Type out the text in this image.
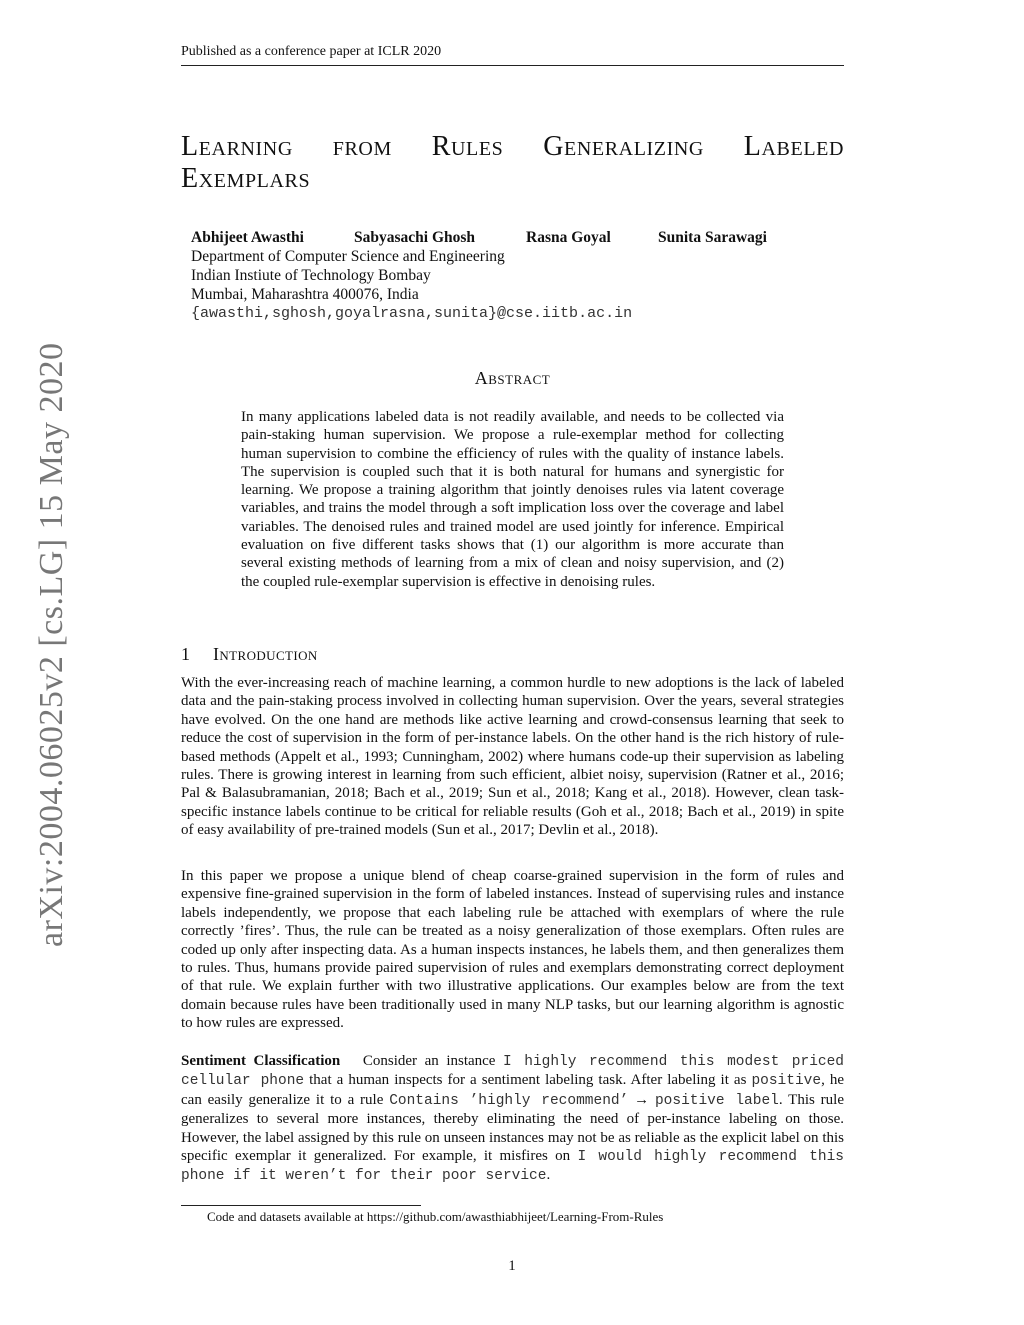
Published as a conference paper at ICLR 2020
arXiv:2004.06025v2 [cs.LG] 15 May 2020
Learning from Rules Generalizing Labeled Exemplars
Abhijeet Awasthi	Sabyasachi Ghosh	Rasna Goyal	Sunita Sarawagi
Department of Computer Science and Engineering
Indian Instiute of Technology Bombay
Mumbai, Maharashtra 400076, India
{awasthi,sghosh,goyalrasna,sunita}@cse.iitb.ac.in
Abstract

In many applications labeled data is not readily available, and needs to be collected via pain-staking human supervision. We propose a rule-exemplar method for collecting human supervision to combine the efficiency of rules with the quality of instance labels. The supervision is coupled such that it is both natural for humans and synergistic for learning. We propose a training algorithm that jointly denoises rules via latent coverage variables, and trains the model through a soft implication loss over the coverage and label variables. The denoised rules and trained model are used jointly for inference. Empirical evaluation on five different tasks shows that (1) our algorithm is more accurate than several existing methods of learning from a mix of clean and noisy supervision, and (2) the coupled rule-exemplar supervision is effective in denoising rules.

1 Introduction

With the ever-increasing reach of machine learning, a common hurdle to new adoptions is the lack of labeled data and the pain-staking process involved in collecting human supervision. Over the years, several strategies have evolved. On the one hand are methods like active learning and crowd-consensus learning that seek to reduce the cost of supervision in the form of per-instance labels. On the other hand is the rich history of rule-based methods (Appelt et al., 1993; Cunningham, 2002) where humans code-up their supervision as labeling rules. There is growing interest in learning from such efficient, albiet noisy, supervision (Ratner et al., 2016; Pal & Balasubramanian, 2018; Bach et al., 2019; Sun et al., 2018; Kang et al., 2018). However, clean task-specific instance labels continue to be critical for reliable results (Goh et al., 2018; Bach et al., 2019) in spite of easy availability of pre-trained models (Sun et al., 2017; Devlin et al., 2018).

In this paper we propose a unique blend of cheap coarse-grained supervision in the form of rules and expensive fine-grained supervision in the form of labeled instances. Instead of supervising rules and instance labels independently, we propose that each labeling rule be attached with exemplars of where the rule correctly ’fires’. Thus, the rule can be treated as a noisy generalization of those exemplars. Often rules are coded up only after inspecting data. As a human inspects instances, he labels them, and then generalizes them to rules. Thus, humans provide paired supervision of rules and exemplars demonstrating correct deployment of that rule. We explain further with two illustrative applications. Our examples below are from the text domain because rules have been traditionally used in many NLP tasks, but our learning algorithm is agnostic to how rules are expressed.

Sentiment Classification Consider an instance I highly recommend this modest priced cellular phone that a human inspects for a sentiment labeling task. After labeling it as positive, he can easily generalize it to a rule Contains ’highly recommend’ → positive label. This rule generalizes to several more instances, thereby eliminating the need of per-instance labeling on those. However, the label assigned by this rule on unseen instances may not be as reliable as the explicit label on this specific exemplar it generalized. For example, it misfires on I would highly recommend this phone if it weren’t for their poor service.

Code and datasets available at https://github.com/awasthiabhijeet/Learning-From-Rules
1
